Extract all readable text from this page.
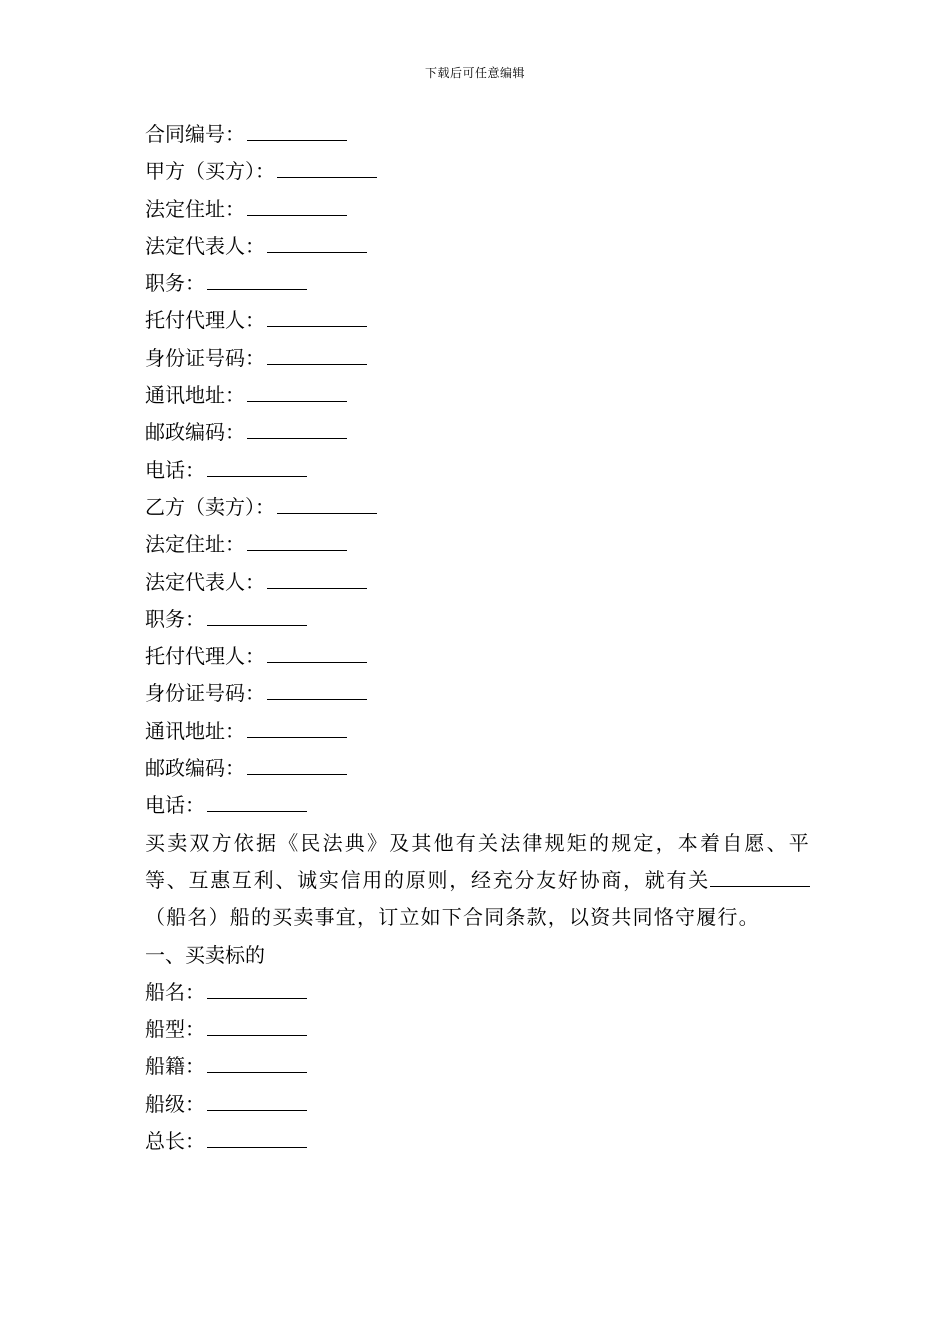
下载后可任意编辑
合同编号：
甲方（买方）：
法定住址：
法定代表人：
职务：
托付代理人：
身份证号码：
通讯地址：
邮政编码：
电话：
乙方（卖方）：
法定住址：
法定代表人：
职务：
托付代理人：
身份证号码：
通讯地址：
邮政编码：
电话：
买卖双方依据《民法典》及其他有关法律规矩的规定，本着自愿、平等、互惠互利、诚实信用的原则，经充分友好协商，就有关（船名）船的买卖事宜，订立如下合同条款，以资共同恪守履行。
一、买卖标的
船名：
船型：
船籍：
船级：
总长：
